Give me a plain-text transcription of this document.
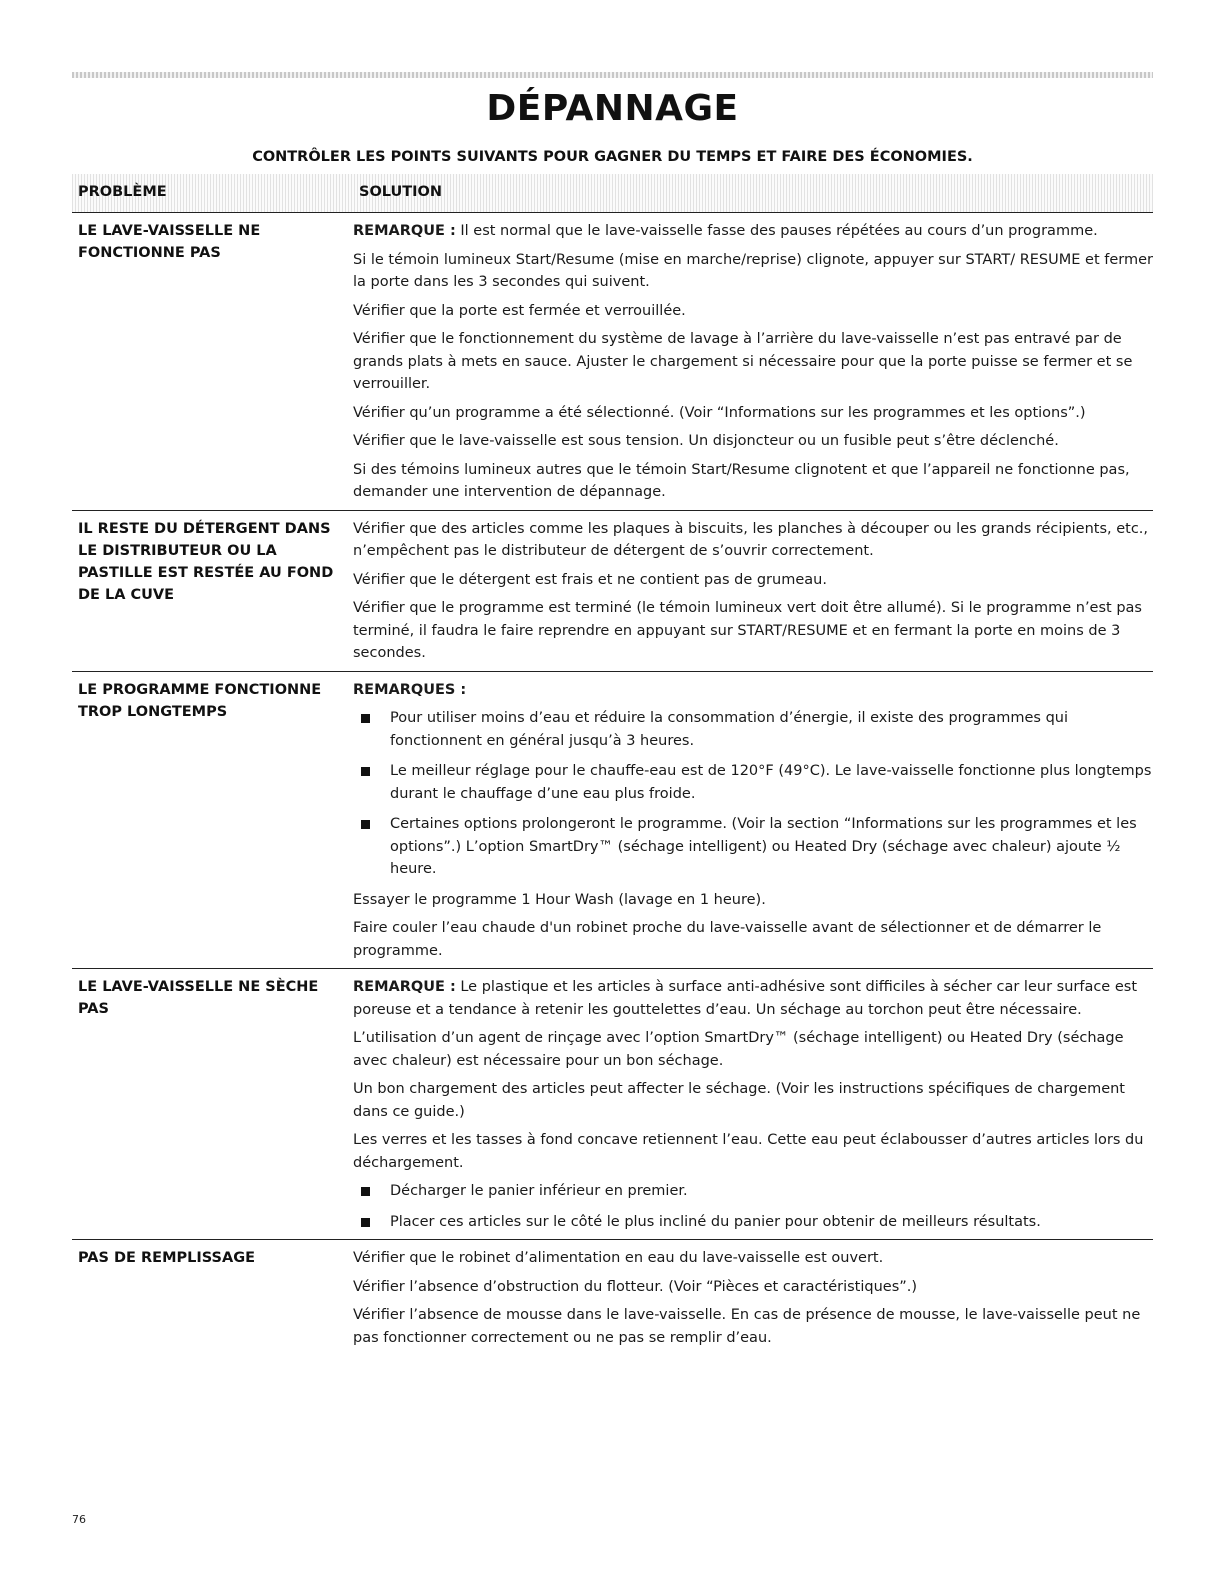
DÉPANNAGE
CONTRÔLER LES POINTS SUIVANTS POUR GAGNER DU TEMPS ET FAIRE DES ÉCONOMIES.
PROBLÈME	SOLUTION
LE LAVE-VAISSELLE NE FONCTIONNE PAS

REMARQUE : Il est normal que le lave-vaisselle fasse des pauses répétées au cours d’un programme.

Si le témoin lumineux Start/Resume (mise en marche/reprise) clignote, appuyer sur START/ RESUME et fermer la porte dans les 3 secondes qui suivent.

Vérifier que la porte est fermée et verrouillée.

Vérifier que le fonctionnement du système de lavage à l’arrière du lave-vaisselle n’est pas entravé par de grands plats à mets en sauce. Ajuster le chargement si nécessaire pour que la porte puisse se fermer et se verrouiller.

Vérifier qu’un programme a été sélectionné. (Voir “Informations sur les programmes et les options”.)

Vérifier que le lave-vaisselle est sous tension. Un disjoncteur ou un fusible peut s’être déclenché.

Si des témoins lumineux autres que le témoin Start/Resume clignotent et que l’appareil ne fonctionne pas, demander une intervention de dépannage.

IL RESTE DU DÉTERGENT DANS LE DISTRIBUTEUR OU LA PASTILLE EST RESTÉE AU FOND DE LA CUVE

Vérifier que des articles comme les plaques à biscuits, les planches à découper ou les grands récipients, etc., n’empêchent pas le distributeur de détergent de s’ouvrir correctement.

Vérifier que le détergent est frais et ne contient pas de grumeau.

Vérifier que le programme est terminé (le témoin lumineux vert doit être allumé). Si le programme n’est pas terminé, il faudra le faire reprendre en appuyant sur START/RESUME et en fermant la porte en moins de 3 secondes.

LE PROGRAMME FONCTIONNE TROP LONGTEMPS

REMARQUES :

Pour utiliser moins d’eau et réduire la consommation d’énergie, il existe des programmes qui fonctionnent en général jusqu’à 3 heures.
Le meilleur réglage pour le chauffe-eau est de 120°F (49°C). Le lave-vaisselle fonctionne plus longtemps durant le chauffage d’une eau plus froide.
Certaines options prolongeront le programme. (Voir la section “Informations sur les programmes et les options”.) L’option SmartDry™ (séchage intelligent) ou Heated Dry (séchage avec chaleur) ajoute ½ heure.

Essayer le programme 1 Hour Wash (lavage en 1 heure).

Faire couler l’eau chaude d'un robinet proche du lave-vaisselle avant de sélectionner et de démarrer le programme.

LE LAVE-VAISSELLE NE SÈCHE PAS

REMARQUE : Le plastique et les articles à surface anti-adhésive sont difficiles à sécher car leur surface est poreuse et a tendance à retenir les gouttelettes d’eau. Un séchage au torchon peut être nécessaire.

L’utilisation d’un agent de rinçage avec l’option SmartDry™ (séchage intelligent) ou Heated Dry (séchage avec chaleur) est nécessaire pour un bon séchage.

Un bon chargement des articles peut affecter le séchage. (Voir les instructions spécifiques de chargement dans ce guide.)

Les verres et les tasses à fond concave retiennent l’eau. Cette eau peut éclabousser d’autres articles lors du déchargement.

Décharger le panier inférieur en premier.
Placer ces articles sur le côté le plus incliné du panier pour obtenir de meilleurs résultats.
PAS DE REMPLISSAGE	Vérifier que le robinet d’alimentation en eau du lave-vaisselle est ouvert.

Vérifier l’absence d’obstruction du flotteur. (Voir “Pièces et caractéristiques”.)

Vérifier l’absence de mousse dans le lave-vaisselle. En cas de présence de mousse, le lave-vaisselle peut ne pas fonctionner correctement ou ne pas se remplir d’eau.

76
